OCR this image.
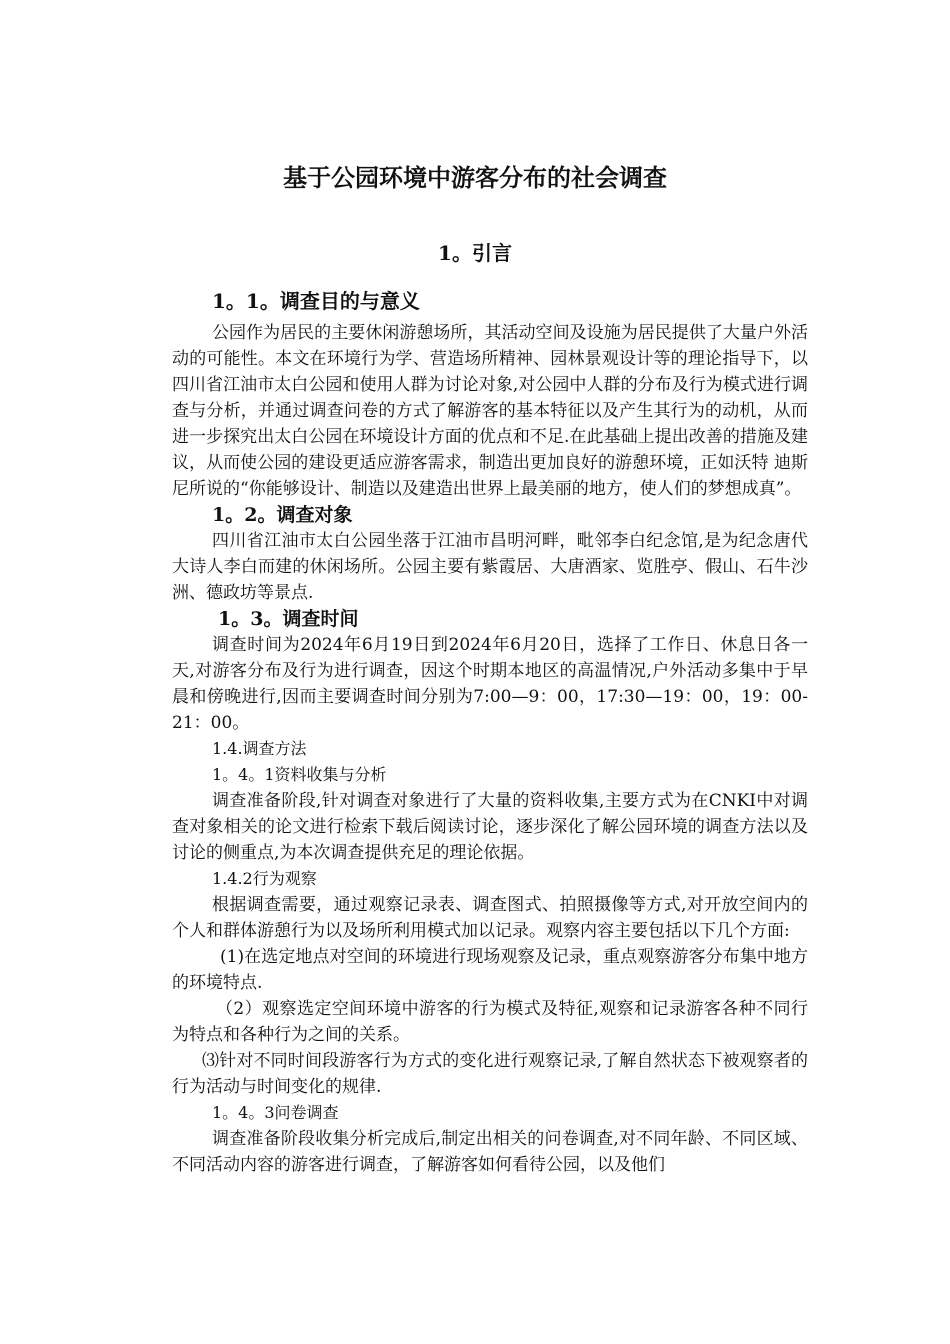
基于公园环境中游客分布的社会调查
1。引言
1。1。调查目的与意义

公园作为居民的主要休闲游憩场所，其活动空间及设施为居民提供了大量户外活动的可能性。本文在环境行为学、营造场所精神、园林景观设计等的理论指导下，以四川省江油市太白公园和使用人群为讨论对象,对公园中人群的分布及行为模式进行调查与分析，并通过调查问卷的方式了解游客的基本特征以及产生其行为的动机，从而进一步探究出太白公园在环境设计方面的优点和不足.在此基础上提出改善的措施及建议，从而使公园的建设更适应游客需求，制造出更加良好的游憩环境，正如沃特 迪斯尼所说的“你能够设计、制造以及建造出世界上最美丽的地方，使人们的梦想成真”。

1。2。调查对象

四川省江油市太白公园坐落于江油市昌明河畔，毗邻李白纪念馆,是为纪念唐代大诗人李白而建的休闲场所。公园主要有紫霞居、大唐酒家、览胜亭、假山、石牛沙洲、德政坊等景点.

1。3。调查时间

调查时间为2024年6月19日到2024年6月20日，选择了工作日、休息日各一天,对游客分布及行为进行调查，因这个时期本地区的高温情况,户外活动多集中于早晨和傍晚进行,因而主要调查时间分别为7:00—9：00，17:30—19：00，19：00-21：00。

1.4.调查方法
1。4。1资料收集与分析

调查准备阶段,针对调查对象进行了大量的资料收集,主要方式为在CNKI中对调查对象相关的论文进行检索下载后阅读讨论，逐步深化了解公园环境的调查方法以及讨论的侧重点,为本次调查提供充足的理论依据。

1.4.2行为观察

根据调查需要，通过观察记录表、调查图式、拍照摄像等方式,对开放空间内的个人和群体游憩行为以及场所利用模式加以记录。观察内容主要包括以下几个方面:

(1)在选定地点对空间的环境进行现场观察及记录，重点观察游客分布集中地方的环境特点.

（2）观察选定空间环境中游客的行为模式及特征,观察和记录游客各种不同行为特点和各种行为之间的关系。

⑶针对不同时间段游客行为方式的变化进行观察记录,了解自然状态下被观察者的行为活动与时间变化的规律.

1。4。3问卷调查

调查准备阶段收集分析完成后,制定出相关的问卷调查,对不同年龄、不同区域、不同活动内容的游客进行调查，了解游客如何看待公园，以及他们
